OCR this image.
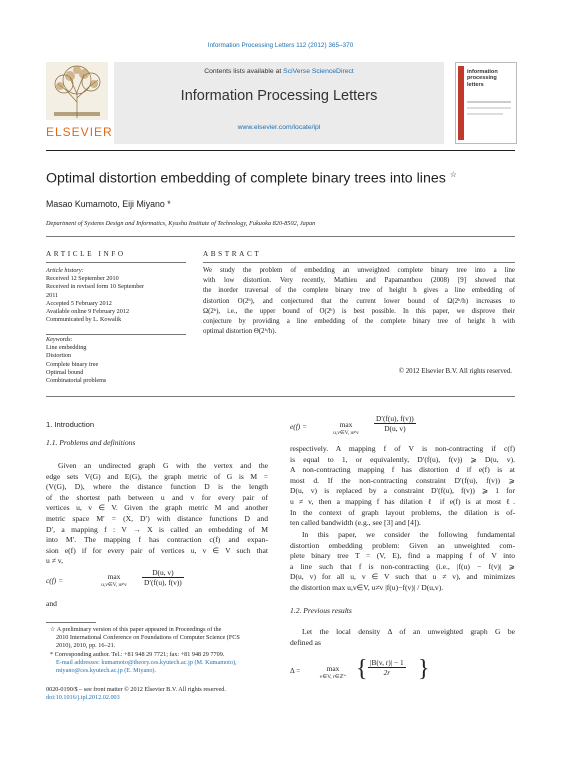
Information Processing Letters 112 (2012) 365–370
ELSEVIER
Contents lists available at SciVerse ScienceDirect
Information Processing Letters
www.elsevier.com/locate/ipl
information processing letters
Optimal distortion embedding of complete binary trees into lines ☆
Masao Kumamoto, Eiji Miyano *
Department of Systems Design and Informatics, Kyushu Institute of Technology, Fukuoka 820-8502, Japan
ARTICLE INFO	ABSTRACT
Article history:
Received 12 September 2010
Received in revised form 10 September
2011
Accepted 5 February 2012
Available online 9 February 2012
Communicated by L. Kowalik
Keywords:
Line embedding
Distortion
Complete binary tree
Optimal bound
Combinatorial problems
We study the problem of embedding an unweighted complete binary tree into a line
with low distortion. Very recently, Mathieu and Papamanthou (2008) [9] showed that
the inorder traversal of the complete binary tree of height h gives a line embedding of
distortion O(2ʰ), and conjectured that the current lower bound of Ω(2ʰ/h) increases to
Ω(2ʰ), i.e., the upper bound of O(2ʰ) is best possible. In this paper, we disprove their
conjecture by providing a line embedding of the complete binary tree of height h with
optimal distortion Θ(2ʰ/h).
© 2012 Elsevier B.V. All rights reserved.
1. Introduction
1.1. Problems and definitions
Given an undirected graph G with the vertex and the
edge sets V(G) and E(G), the graph metric of G is M =
(V(G), D), where the distance function D is the length
of the shortest path between u and v for every pair of
vertices u, v ∈ V. Given the graph metric M and another
metric space M′ = (X, D′) with distance functions D and
D′, a mapping f : V → X is called an embedding of M
into M′. The mapping f has contraction c(f) and expan-
sion e(f) if for every pair of vertices u, v ∈ V such that
u ≠ v,
c(f) =	max
u,v∈V, u≠v	$\frac{D(u, v)}{D'(f(u), f(v))}$
and
☆ A preliminary version of this paper appeared in Proceedings of the
2010 International Conference on Foundations of Computer Science (FCS
2010), 2010, pp. 16–21.
* Corresponding author. Tel.: +81 948 29 7721; fax: +81 948 29 7709.
E-mail addresses: kumamoto@theory.ces.kyutech.ac.jp (M. Kumamoto),
miyano@ces.kyutech.ac.jp (E. Miyano).
0020-0190/$ – see front matter © 2012 Elsevier B.V. All rights reserved.
doi:10.1016/j.ipl.2012.02.003
e(f) =	max
u,v∈V, u≠v	$\frac{D'(f(u), f(v))}{D(u, v)}$
respectively. A mapping f of V is non-contracting if c(f)
is equal to 1, or equivalently, D′(f(u), f(v)) ⩾ D(u, v).
A non-contracting mapping f has distortion d if e(f) is at
most d. If the non-contracting constraint D′(f(u), f(v)) ⩾
D(u, v) is replaced by a constraint D′(f(u), f(v)) ⩾ 1 for
u ≠ v, then a mapping f has dilation ℓ if e(f) is at most ℓ.
In the context of graph layout problems, the dilation is of-
ten called bandwidth (e.g., see [3] and [4]).
In this paper, we consider the following fundamental
distortion embedding problem: Given an unweighted com-
plete binary tree T = (V, E), find a mapping f of V into
a line such that f is non-contracting (i.e., |f(u) − f(v)| ⩾
D(u, v) for all u, v ∈ V such that u ≠ v), and minimizes
the distortion max u,v∈V, u≠v |f(u)−f(v)| / D(u,v).
1.2. Previous results
Let the local density Δ of an unweighted graph G be
defined as
Δ =	max
v∈V, r∈ℤ⁺ { $\frac{|B(v, r)| - 1}{2r}$ }
